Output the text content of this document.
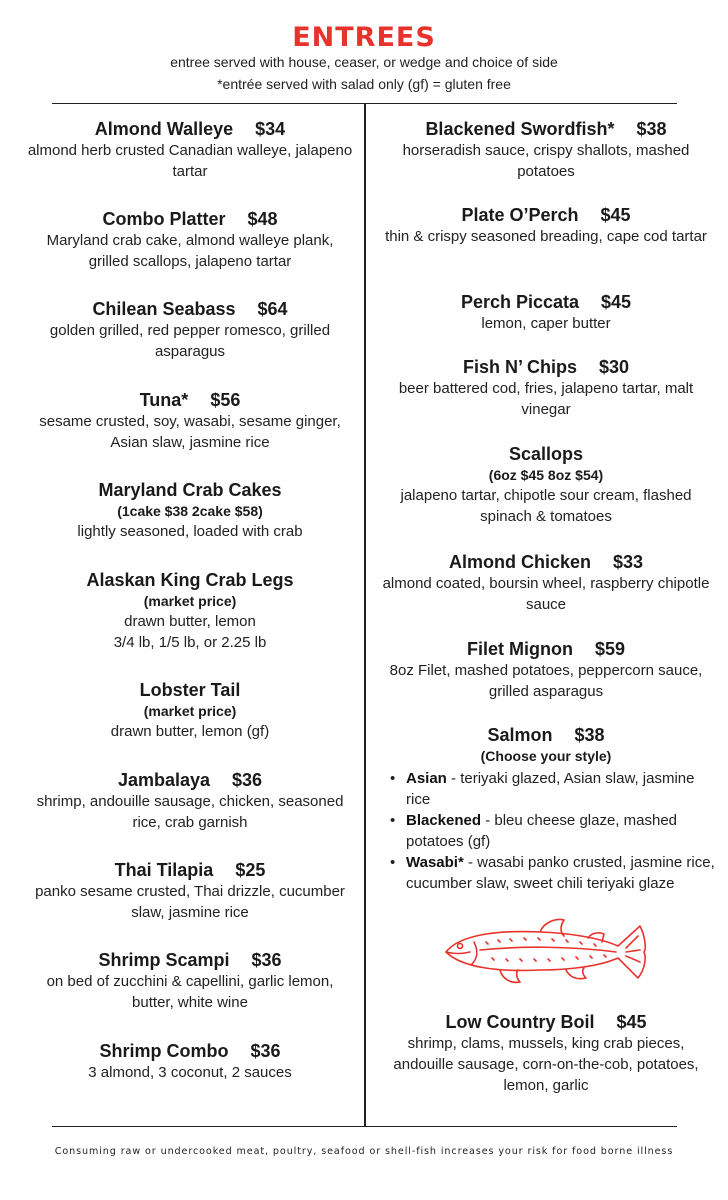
ENTREES
entree served with house, ceaser, or wedge and choice of side
*entrée served with salad only (gf) = gluten free
Almond Walleye $34
almond herb crusted Canadian walleye, jalapeno tartar
Combo Platter $48
Maryland crab cake, almond walleye plank, grilled scallops, jalapeno tartar
Chilean Seabass $64
golden grilled, red pepper romesco, grilled asparagus
Tuna* $56
sesame crusted, soy, wasabi, sesame ginger, Asian slaw, jasmine rice
Maryland Crab Cakes
(1cake $38 2cake $58)
lightly seasoned, loaded with crab
Alaskan King Crab Legs
(market price)
drawn butter, lemon
3/4 lb, 1/5 lb, or 2.25 lb
Lobster Tail
(market price)
drawn butter, lemon (gf)
Jambalaya $36
shrimp, andouille sausage, chicken, seasoned rice, crab garnish
Thai Tilapia $25
panko sesame crusted, Thai drizzle, cucumber slaw, jasmine rice
Shrimp Scampi $36
on bed of zucchini & capellini, garlic lemon, butter, white wine
Shrimp Combo $36
3 almond, 3 coconut, 2 sauces
Blackened Swordfish* $38
horseradish sauce, crispy shallots, mashed potatoes
Plate O’Perch $45
thin & crispy seasoned breading, cape cod tartar
Perch Piccata $45
lemon, caper butter
Fish N’ Chips $30
beer battered cod, fries, jalapeno tartar, malt vinegar
Scallops
(6oz $45 8oz $54)
jalapeno tartar, chipotle sour cream, flashed spinach & tomatoes
Almond Chicken $33
almond coated, boursin wheel, raspberry chipotle sauce
Filet Mignon $59
8oz Filet, mashed potatoes, peppercorn sauce, grilled asparagus
Salmon $38
(Choose your style)
• Asian - teriyaki glazed, Asian slaw, jasmine rice
• Blackened - bleu cheese glaze, mashed potatoes (gf)
• Wasabi* - wasabi panko crusted, jasmine rice, cucumber slaw, sweet chili teriyaki glaze
Low Country Boil $45
shrimp, clams, mussels, king crab pieces, andouille sausage, corn-on-the-cob, potatoes, lemon, garlic
Consuming raw or undercooked meat, poultry, seafood or shell-fish increases your risk for food borne illness
